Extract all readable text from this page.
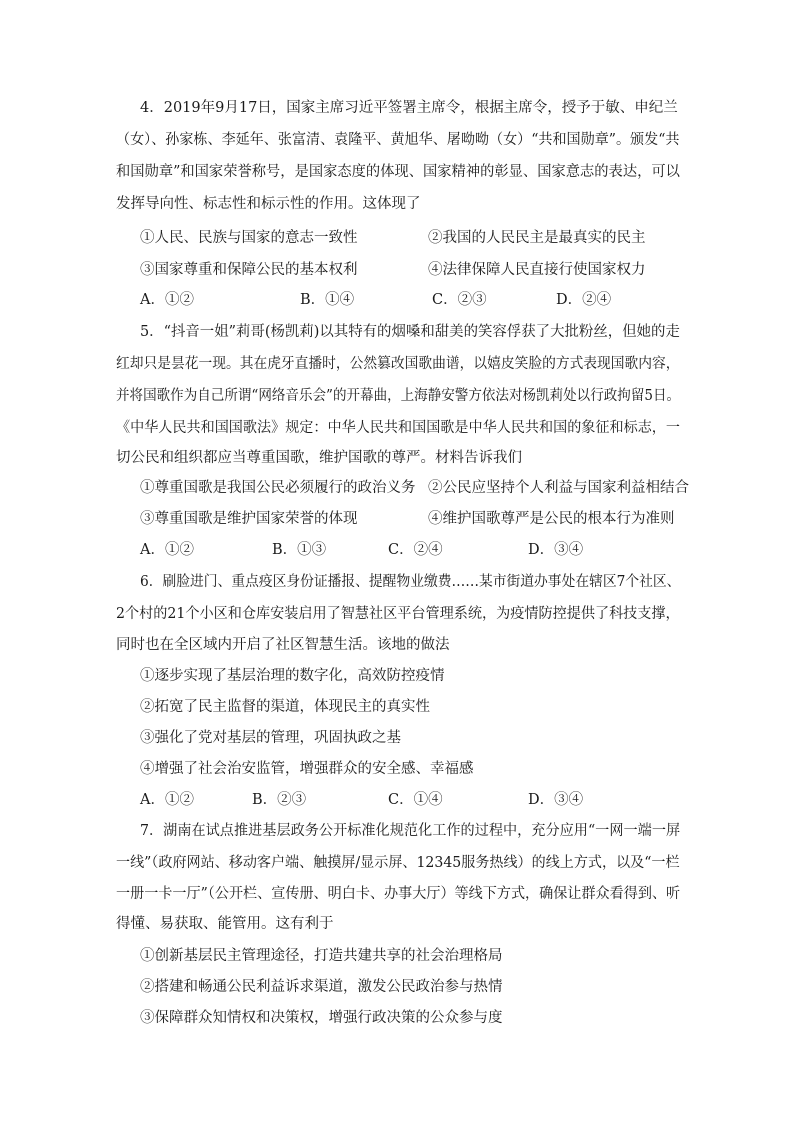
4．2019年9月17日，国家主席习近平签署主席令，根据主席令，授予于敏、申纪兰
（女）、孙家栋、李延年、张富清、袁隆平、黄旭华、屠呦呦（女）“共和国勋章”。颁发“共
和国勋章”和国家荣誉称号，是国家态度的体现、国家精神的彰显、国家意志的表达，可以
发挥导向性、标志性和标示性的作用。这体现了
①人民、民族与国家的意志一致性	②我国的人民民主是最真实的民主
③国家尊重和保障公民的基本权利	④法律保障人民直接行使国家权力
A．①②	B．①④	C．②③	D．②④
5．“抖音一姐”莉哥(杨凯莉)以其特有的烟嗓和甜美的笑容俘获了大批粉丝，但她的走
红却只是昙花一现。其在虎牙直播时，公然篡改国歌曲谱，以嬉皮笑脸的方式表现国歌内容，
并将国歌作为自己所谓“网络音乐会”的开幕曲，上海静安警方依法对杨凯莉处以行政拘留5日。
《中华人民共和国国歌法》规定：中华人民共和国国歌是中华人民共和国的象征和标志，一
切公民和组织都应当尊重国歌，维护国歌的尊严。材料告诉我们
①尊重国歌是我国公民必须履行的政治义务 ②公民应坚持个人利益与国家利益相结合
③尊重国歌是维护国家荣誉的体现	④维护国歌尊严是公民的根本行为准则
A．①②	B．①③	C．②④	D．③④
6．刷脸进门、重点疫区身份证播报、提醒物业缴费……某市街道办事处在辖区7个社区、
2个村的21个小区和仓库安装启用了智慧社区平台管理系统，为疫情防控提供了科技支撑，
同时也在全区域内开启了社区智慧生活。该地的做法
①逐步实现了基层治理的数字化，高效防控疫情
②拓宽了民主监督的渠道，体现民主的真实性
③强化了党对基层的管理，巩固执政之基
④增强了社会治安监管，增强群众的安全感、幸福感
A．①②	B．②③	C．①④	D．③④
7．湖南在试点推进基层政务公开标准化规范化工作的过程中，充分应用“一网一端一屏
一线”（政府网站、移动客户端、触摸屏/显示屏、12345服务热线）的线上方式，以及“一栏
一册一卡一厅”（公开栏、宣传册、明白卡、办事大厅）等线下方式，确保让群众看得到、听
得懂、易获取、能管用。这有利于
①创新基层民主管理途径，打造共建共享的社会治理格局
②搭建和畅通公民利益诉求渠道，激发公民政治参与热情
③保障群众知情权和决策权，增强行政决策的公众参与度
